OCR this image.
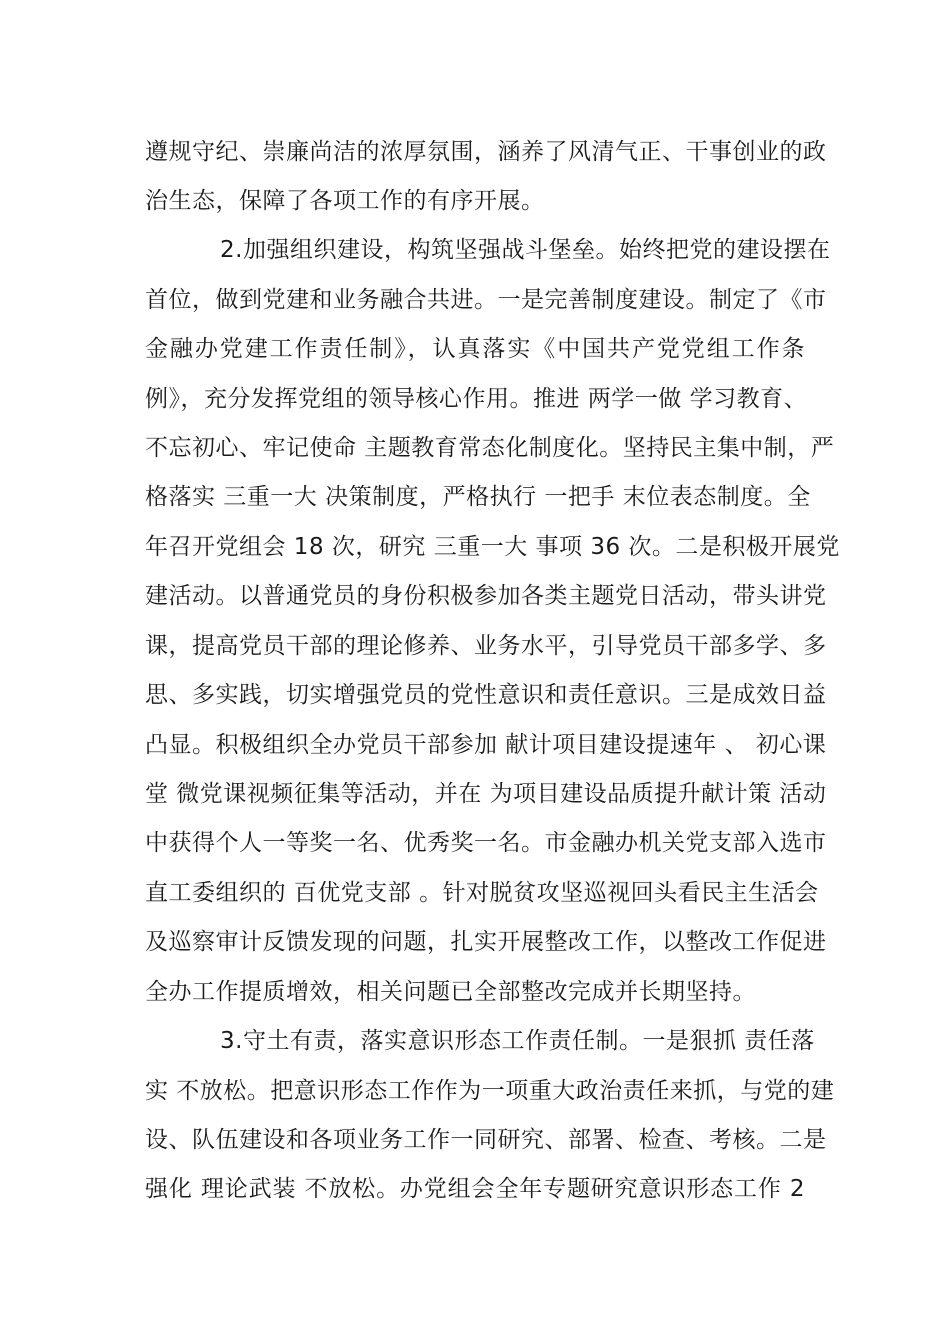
遵规守纪、崇廉尚洁的浓厚氛围，涵养了风清气正、干事创业的政
治生态，保障了各项工作的有序开展。
2.加强组织建设，构筑坚强战斗堡垒。始终把党的建设摆在
首位，做到党建和业务融合共进。一是完善制度建设。制定了《市
金融办党建工作责任制》，认真落实《中国共产党党组工作条
例》，充分发挥党组的领导核心作用。推进 两学一做 学习教育、
不忘初心、牢记使命 主题教育常态化制度化。坚持民主集中制，严
格落实 三重一大 决策制度，严格执行 一把手 末位表态制度。全
年召开党组会 18 次，研究 三重一大 事项 36 次。二是积极开展党
建活动。以普通党员的身份积极参加各类主题党日活动，带头讲党
课，提高党员干部的理论修养、业务水平，引导党员干部多学、多
思、多实践，切实增强党员的党性意识和责任意识。三是成效日益
凸显。积极组织全办党员干部参加 献计项目建设提速年 、 初心课
堂 微党课视频征集等活动，并在 为项目建设品质提升献计策 活动
中获得个人一等奖一名、优秀奖一名。市金融办机关党支部入选市
直工委组织的 百优党支部 。针对脱贫攻坚巡视回头看民主生活会
及巡察审计反馈发现的问题，扎实开展整改工作，以整改工作促进
全办工作提质增效，相关问题已全部整改完成并长期坚持。
3.守土有责，落实意识形态工作责任制。一是狠抓 责任落
实 不放松。把意识形态工作作为一项重大政治责任来抓，与党的建
设、队伍建设和各项业务工作一同研究、部署、检查、考核。二是
强化 理论武装 不放松。办党组会全年专题研究意识形态工作 2
